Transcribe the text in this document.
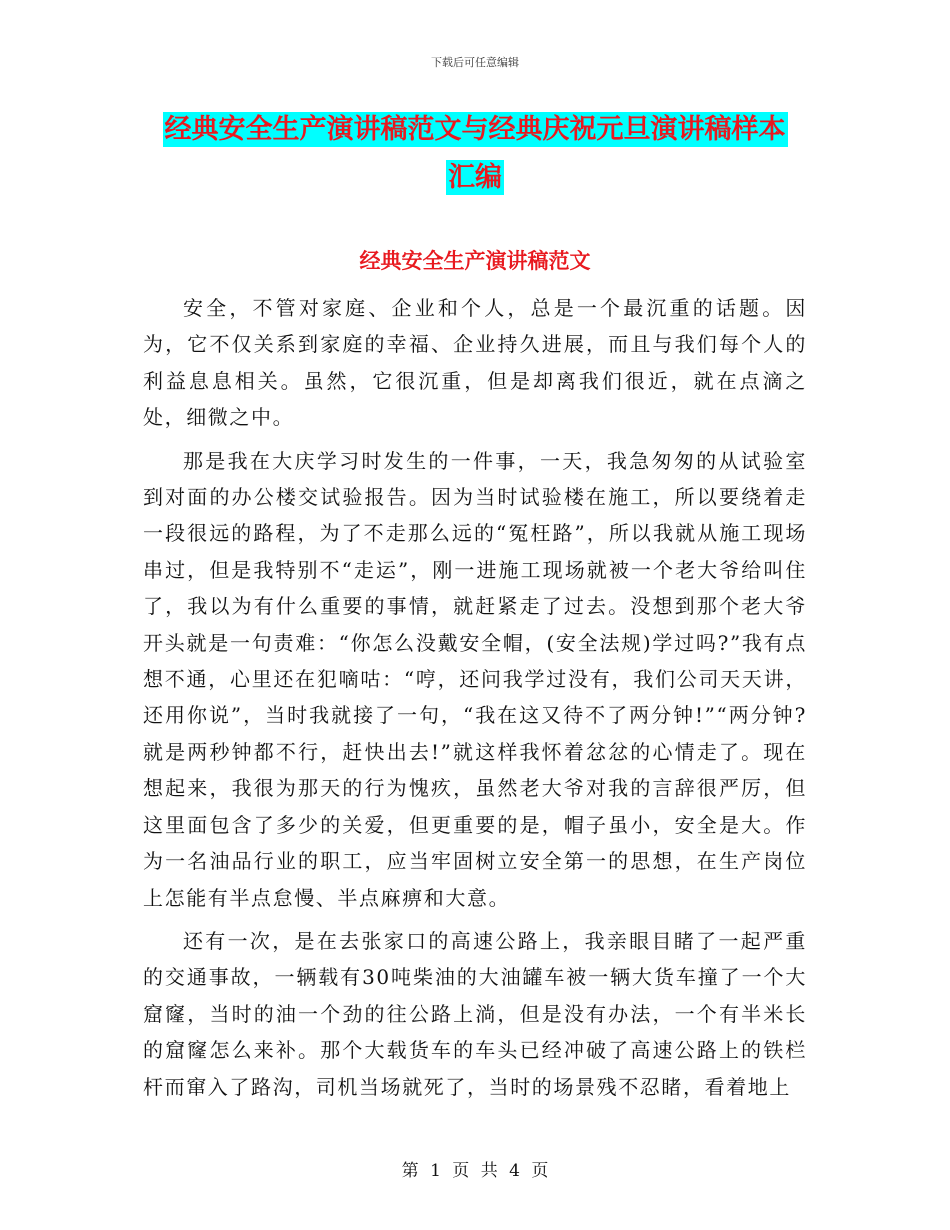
下载后可任意编辑
经典安全生产演讲稿范文与经典庆祝元旦演讲稿样本
汇编
经典安全生产演讲稿范文

安全，不管对家庭、企业和个人，总是一个最沉重的话题。因为，它不仅关系到家庭的幸福、企业持久进展，而且与我们每个人的利益息息相关。虽然，它很沉重，但是却离我们很近，就在点滴之处，细微之中。

那是我在大庆学习时发生的一件事，一天，我急匆匆的从试验室到对面的办公楼交试验报告。因为当时试验楼在施工，所以要绕着走一段很远的路程，为了不走那么远的“冤枉路”，所以我就从施工现场串过，但是我特别不“走运”，刚一进施工现场就被一个老大爷给叫住了，我以为有什么重要的事情，就赶紧走了过去。没想到那个老大爷开头就是一句责难：“你怎么没戴安全帽，(安全法规)学过吗?”我有点想不通，心里还在犯嘀咕：“哼，还问我学过没有，我们公司天天讲，还用你说”，当时我就接了一句，“我在这又待不了两分钟!”“两分钟?就是两秒钟都不行，赶快出去!”就这样我怀着忿忿的心情走了。现在想起来，我很为那天的行为愧疚，虽然老大爷对我的言辞很严厉，但这里面包含了多少的关爱，但更重要的是，帽子虽小，安全是大。作为一名油品行业的职工，应当牢固树立安全第一的思想，在生产岗位上怎能有半点怠慢、半点麻痹和大意。

还有一次，是在去张家口的高速公路上，我亲眼目睹了一起严重的交通事故，一辆载有30吨柴油的大油罐车被一辆大货车撞了一个大窟窿，当时的油一个劲的往公路上淌，但是没有办法，一个有半米长的窟窿怎么来补。那个大载货车的车头已经冲破了高速公路上的铁栏杆而窜入了路沟，司机当场就死了，当时的场景残不忍睹，看着地上

第 1 页 共 4 页
